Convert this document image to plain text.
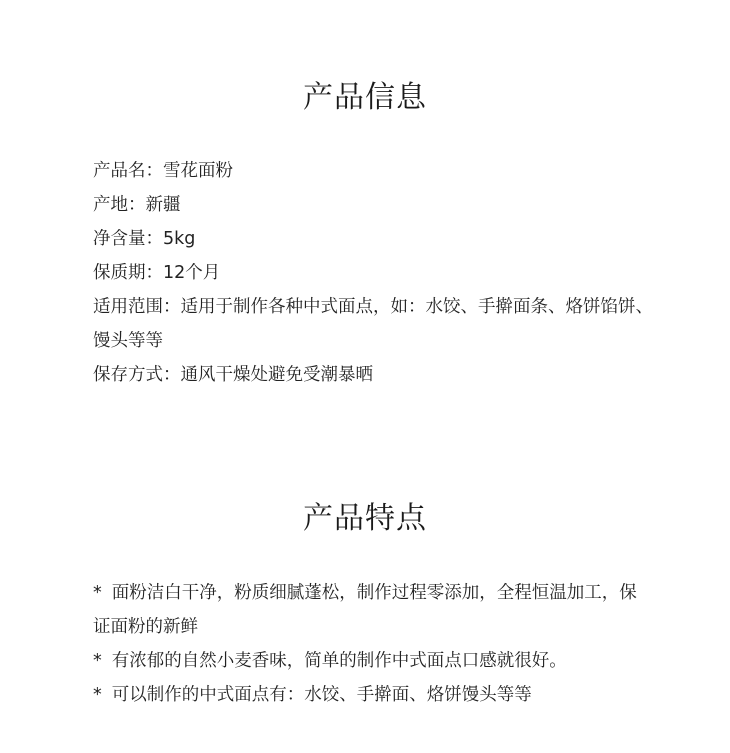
产品信息
产品名：雪花面粉
产地：新疆
净含量：5kg
保质期：12个月
适用范围：适用于制作各种中式面点，如：水饺、手擀面条、烙饼馅饼、馒头等等
保存方式：通风干燥处避免受潮暴晒
产品特点
* 面粉洁白干净，粉质细腻蓬松，制作过程零添加，全程恒温加工，保证面粉的新鲜
* 有浓郁的自然小麦香味，简单的制作中式面点口感就很好。
* 可以制作的中式面点有：水饺、手擀面、烙饼馒头等等
